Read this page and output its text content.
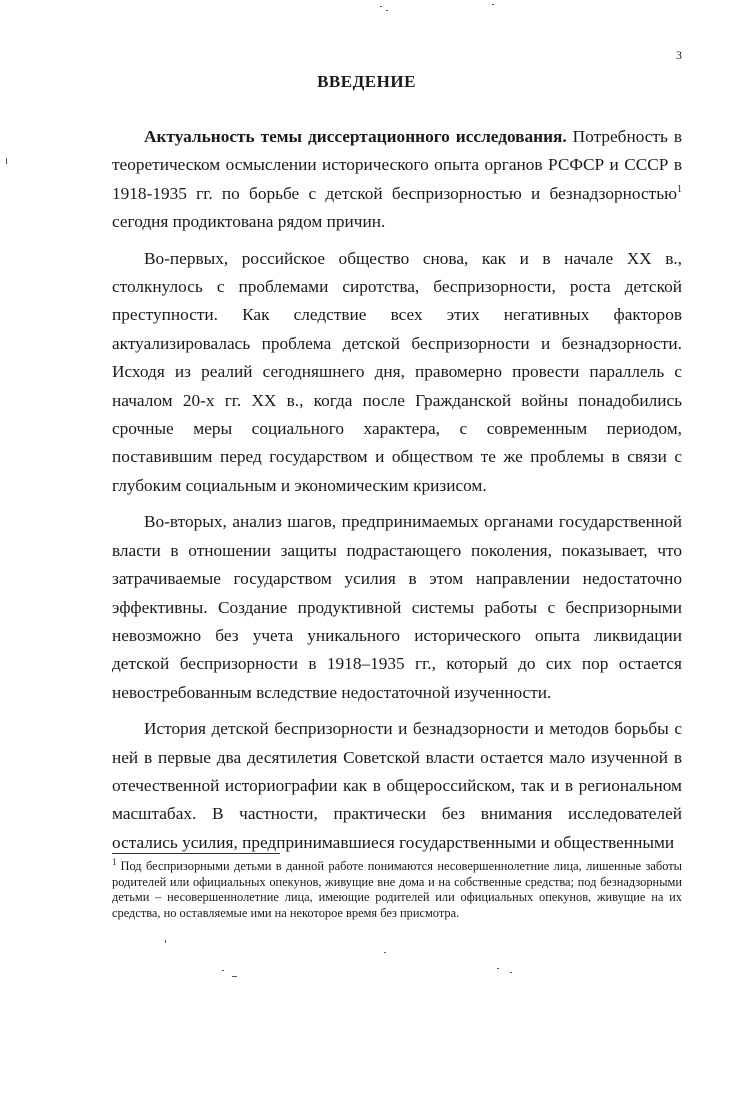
3
ВВЕДЕНИЕ

Актуальность темы диссертационного исследования. Потребность в теоретическом осмыслении исторического опыта органов РСФСР и СССР в 1918-1935 гг. по борьбе с детской беспризорностью и безнадзорностью$^1$ сегодня продиктована рядом причин.

Во-первых, российское общество снова, как и в начале XX в., столкнулось с проблемами сиротства, беспризорности, роста детской преступности. Как следствие всех этих негативных факторов актуализировалась проблема детской беспризорности и безнадзорности. Исходя из реалий сегодняшнего дня, правомерно провести параллель с началом 20-х гг. XX в., когда после Гражданской войны понадобились срочные меры социального характера, с современным периодом, поставившим перед государством и обществом те же проблемы в связи с глубоким социальным и экономическим кризисом.

Во-вторых, анализ шагов, предпринимаемых органами государственной власти в отношении защиты подрастающего поколения, показывает, что затрачиваемые государством усилия в этом направлении недостаточно эффективны. Создание продуктивной системы работы с беспризорными невозможно без учета уникального исторического опыта ликвидации детской беспризорности в 1918–1935 гг., который до сих пор остается невостребованным вследствие недостаточной изученности.

История детской беспризорности и безнадзорности и методов борьбы с ней в первые два десятилетия Советской власти остается мало изученной в отечественной историографии как в общероссийском, так и в региональном масштабах. В частности, практически без внимания исследователей остались усилия, предпринимавшиеся государственными и общественными

$^1$ Под беспризорными детьми в данной работе понимаются несовершеннолетние лица, лишенные заботы родителей или официальных опекунов, живущие вне дома и на собственные средства; под безнадзорными детьми – несовершеннолетние лица, имеющие родителей или официальных опекунов, живущие на их средства, но оставляемые ими на некоторое время без присмотра.
